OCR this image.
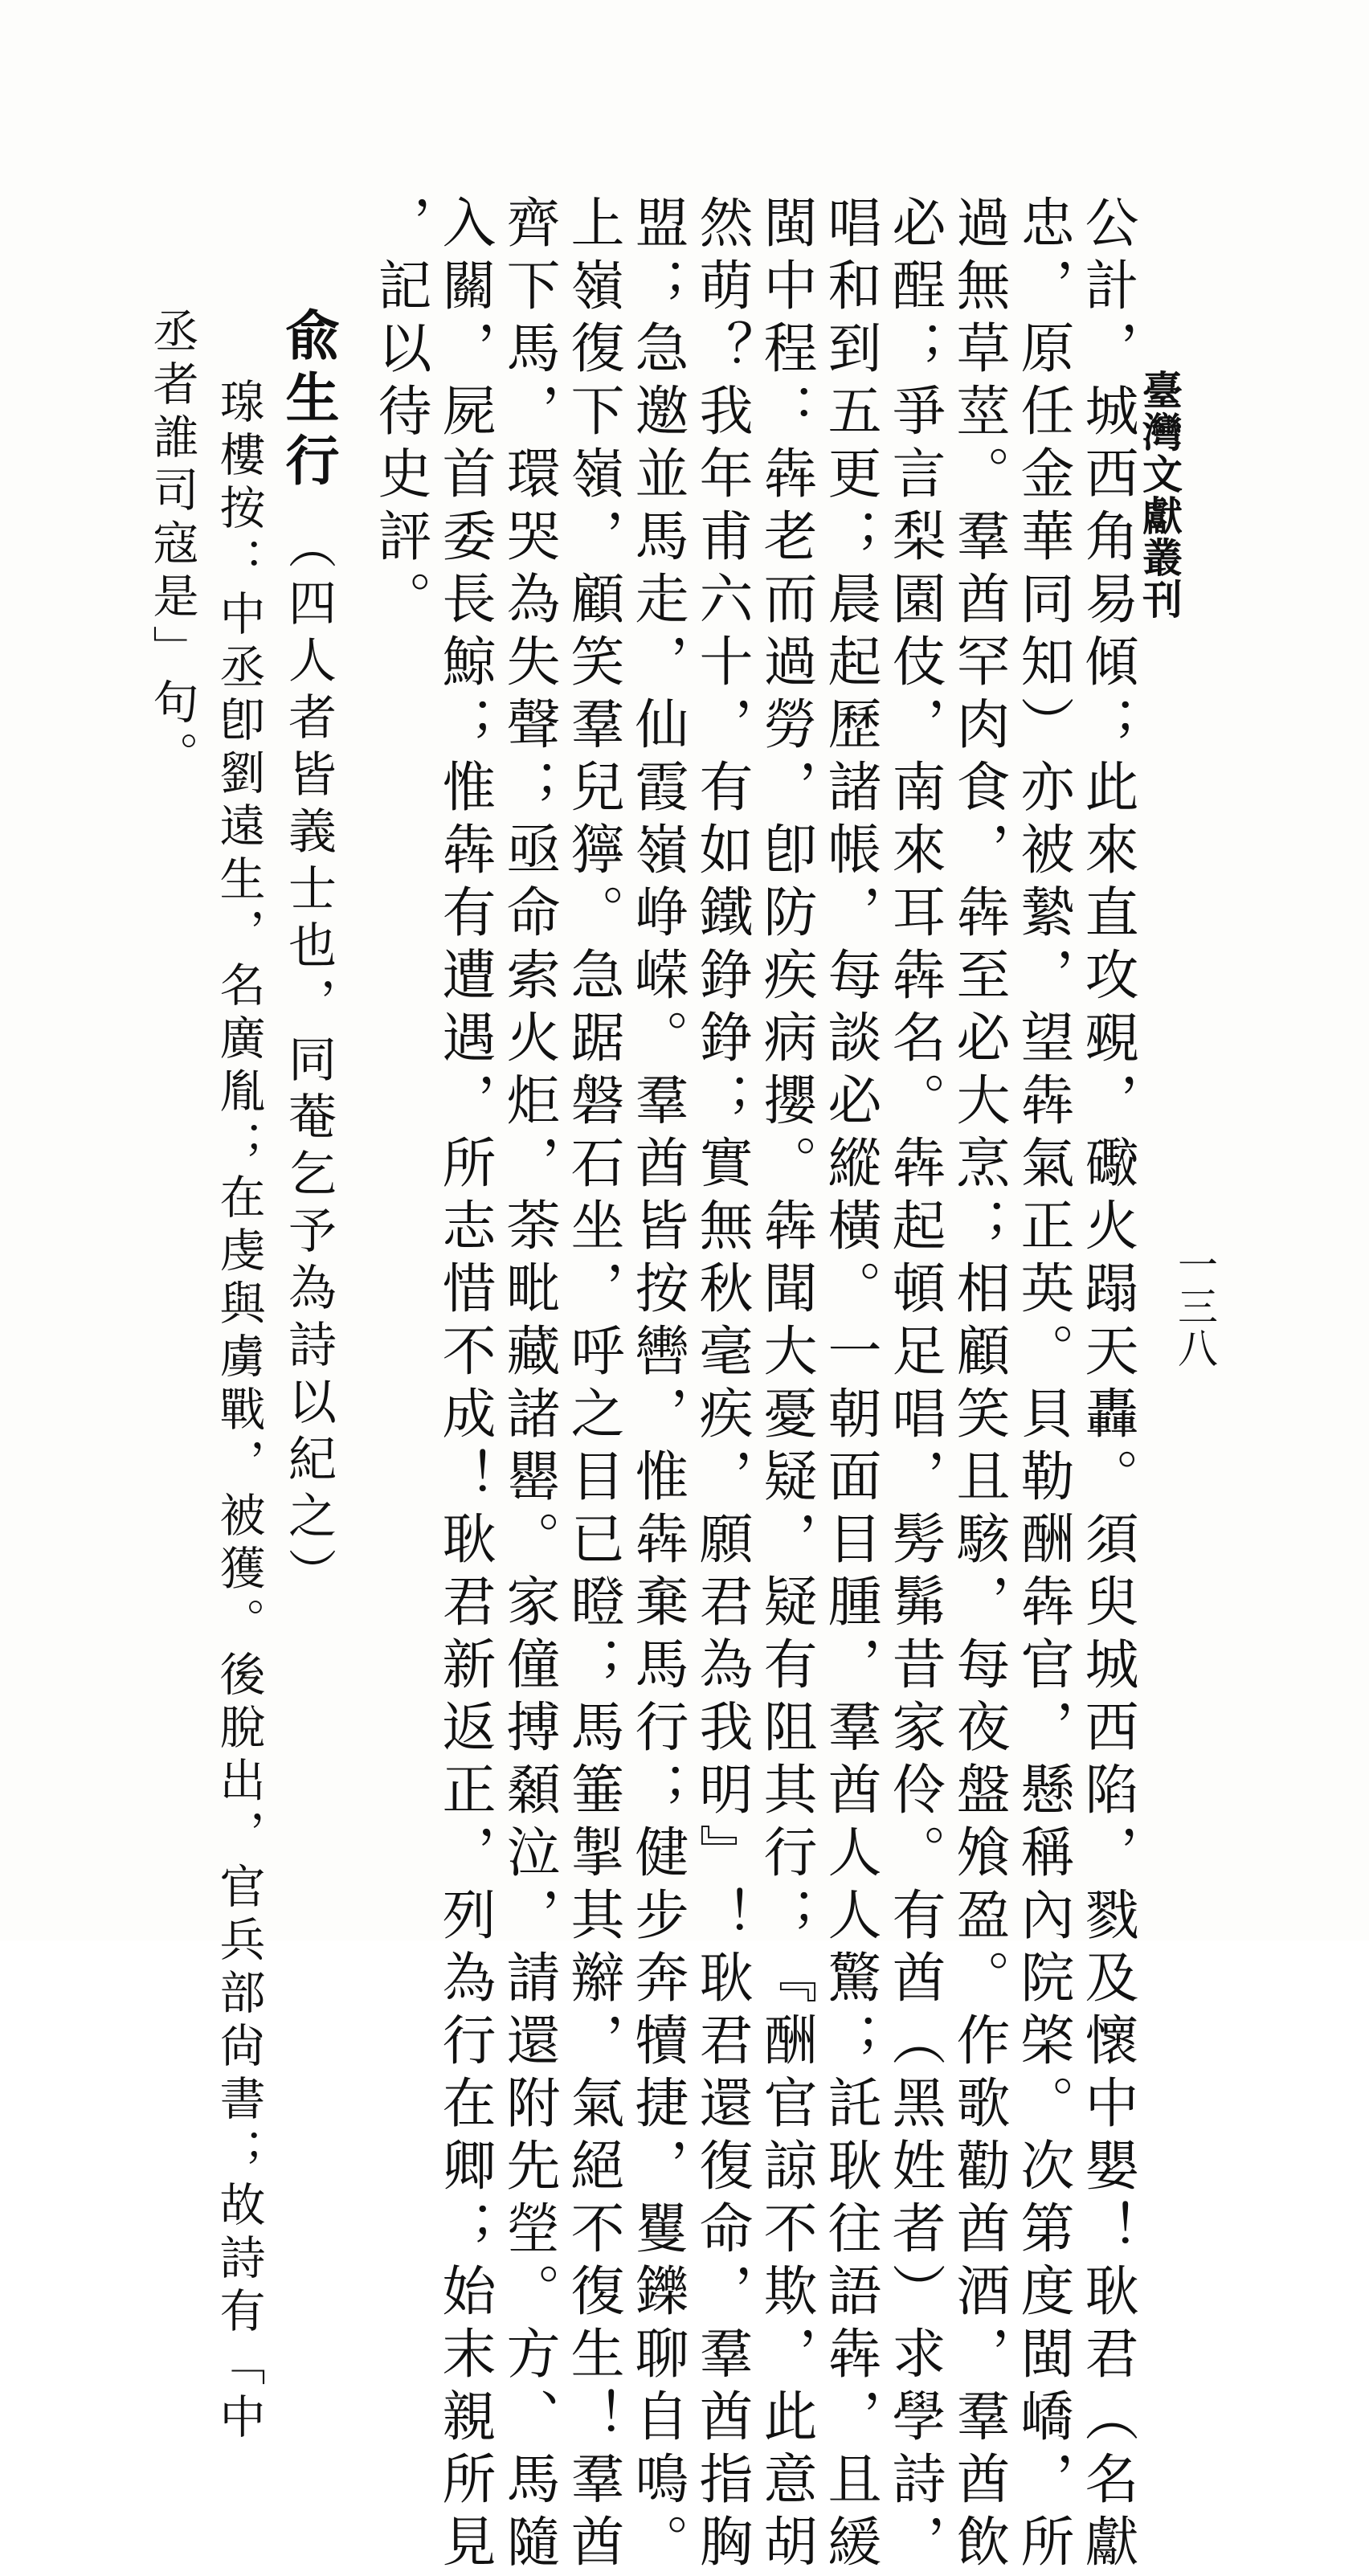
臺灣文獻叢刊
一三八
公計，城西角易傾；此來直攻覡，礮火蹋天轟。須臾城西陷，戮及懷中嬰！耿君（名獻
忠，原任金華同知）亦被縶，望犇氣正英。貝勒酬犇官，懸稱內院棨。次第度閩嶠，所
過無草莖。羣酋罕肉食，犇至必大烹；相顧笑且駭，每夜盤飧盈。作歌勸酋酒，羣酋飲
必酲；爭言梨園伎，南來耳犇名。犇起頓足唱，髣髴昔家伶。有酋（黑姓者）求學詩，
唱和到五更；晨起歷諸帳，每談必縱橫。一朝面目腫，羣酋人人驚；託耿往語犇，且緩
閩中程：犇老而過勞，卽防疾病攖。犇聞大憂疑，疑有阻其行；『酬官諒不欺，此意胡
然萌？我年甫六十，有如鐵錚錚；實無秋毫疾，願君為我明』！耿君還復命，羣酋指胸
盟；急邀並馬走，仙霞嶺峥嵘。羣酋皆按轡，惟犇棄馬行；健步奔犢捷，矍鑠聊自鳴。
上嶺復下嶺，顧笑羣兒獰。急踞磐石坐，呼之目已瞪；馬箠掣其辮，氣絕不復生！羣酋
齊下馬，環哭為失聲；亟命索火炬，荼毗藏諸罌。家僮搏顙泣，請還附先塋。方、馬隨
入關，屍首委長鯨；惟犇有遭遇，所志惜不成！耿君新返正，列為行在卿；始末親所見
，記以待史評。
兪生行 （四人者皆義士也，同菴乞予為詩以紀之）
瑔樓按：中丞卽劉遠生，名廣胤；在虔與虜戰，被獲。後脫出，官兵部尙書；故詩有「中
丞者誰司寇是」句。
